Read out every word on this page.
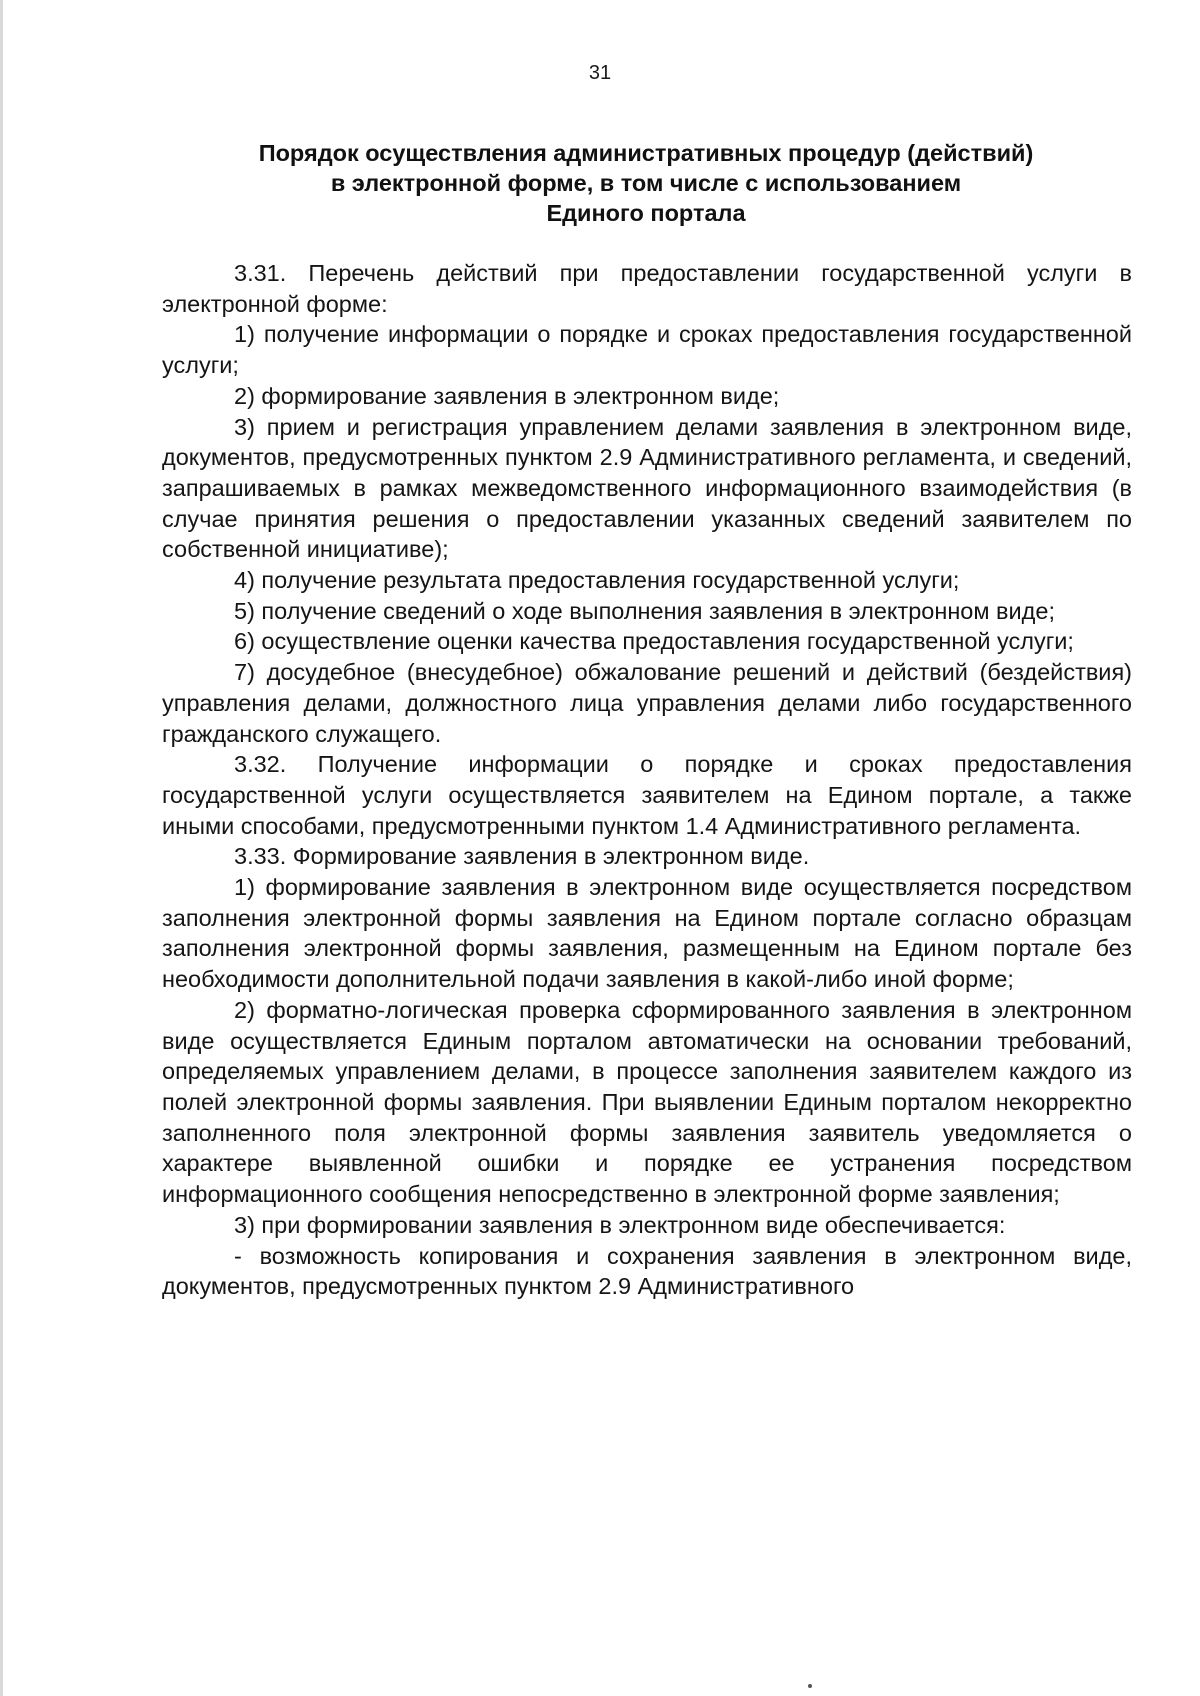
31
Порядок осуществления административных процедур (действий)
в электронной форме, в том числе с использованием
Единого портала

3.31. Перечень действий при предоставлении государственной услуги в электронной форме:

1) получение информации о порядке и сроках предоставления государственной услуги;

2) формирование заявления в электронном виде;

3) прием и регистрация управлением делами заявления в электронном виде, документов, предусмотренных пунктом 2.9 Административного регламента, и сведений, запрашиваемых в рамках межведомственного информационного взаимодействия (в случае принятия решения о предоставлении указанных сведений заявителем по собственной инициативе);

4) получение результата предоставления государственной услуги;

5) получение сведений о ходе выполнения заявления в электронном виде;

6) осуществление оценки качества предоставления государственной услуги;

7) досудебное (внесудебное) обжалование решений и действий (бездействия) управления делами, должностного лица управления делами либо государственного гражданского служащего.

3.32. Получение информации о порядке и сроках предоставления государственной услуги осуществляется заявителем на Едином портале, а также иными способами, предусмотренными пунктом 1.4 Административного регламента.

3.33. Формирование заявления в электронном виде.

1) формирование заявления в электронном виде осуществляется посредством заполнения электронной формы заявления на Едином портале согласно образцам заполнения электронной формы заявления, размещенным на Едином портале без необходимости дополнительной подачи заявления в какой-либо иной форме;

2) форматно-логическая проверка сформированного заявления в электронном виде осуществляется Единым порталом автоматически на основании требований, определяемых управлением делами, в процессе заполнения заявителем каждого из полей электронной формы заявления. При выявлении Единым порталом некорректно заполненного поля электронной формы заявления заявитель уведомляется о характере выявленной ошибки и порядке ее устранения посредством информационного сообщения непосредственно в электронной форме заявления;

3) при формировании заявления в электронном виде обеспечивается:

- возможность копирования и сохранения заявления в электронном виде, документов, предусмотренных пунктом 2.9 Административного
